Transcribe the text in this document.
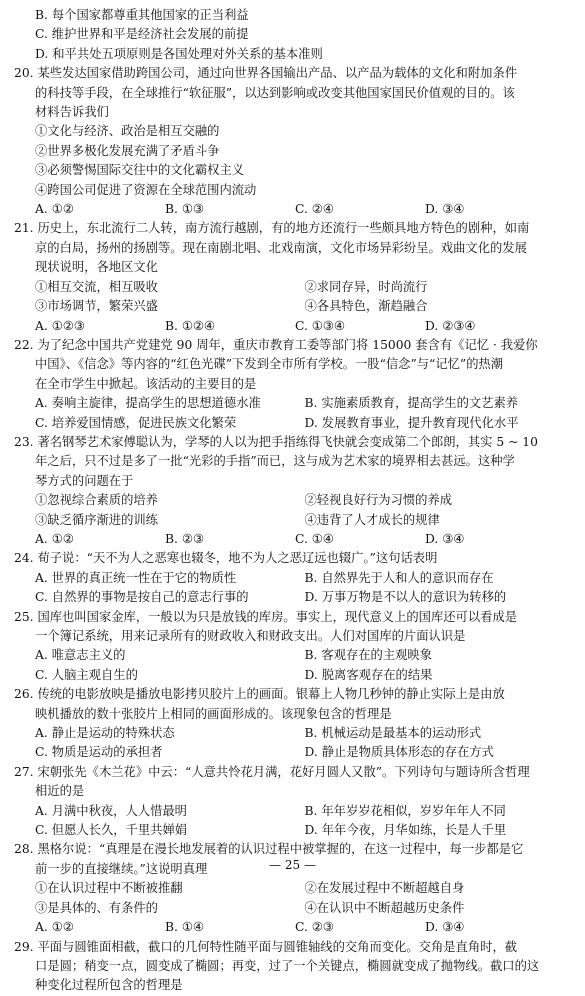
B. 每个国家都尊重其他国家的正当利益
C. 维护世界和平是经济社会发展的前提
D. 和平共处五项原则是各国处理对外关系的基本准则
20. 某些发达国家借助跨国公司，通过向世界各国输出产品、以产品为载体的文化和附加条件
的科技等手段，在全球推行“软征服”，以达到影响或改变其他国家国民价值观的目的。该
材料告诉我们
①文化与经济、政治是相互交融的
②世界多极化发展充满了矛盾斗争
③必须警惕国际交往中的文化霸权主义
④跨国公司促进了资源在全球范围内流动
A. ①②	B. ①③	C. ②④	D. ③④
21. 历史上，东北流行二人转，南方流行越剧，有的地方还流行一些颇具地方特色的剧种，如南
京的白局，扬州的扬剧等。现在南剧北唱、北戏南演，文化市场异彩纷呈。戏曲文化的发展
现状说明，各地区文化
①相互交流，相互吸收	②求同存异，时尚流行
③市场调节，繁荣兴盛	④各具特色，渐趋融合
A. ①②③	B. ①②④	C. ①③④	D. ②③④
22. 为了纪念中国共产党建党 90 周年，重庆市教育工委等部门将 15000 套含有《记忆 · 我爱你
中国》、《信念》等内容的“红色光碟”下发到全市所有学校。一股“信念”与“记忆”的热潮
在全市学生中掀起。该活动的主要目的是
A. 奏响主旋律，提高学生的思想道德水准	B. 实施素质教育，提高学生的文艺素养
C. 培养爱国情感，促进民族文化繁荣	D. 发展教育事业，提升教育现代化水平
23. 著名钢琴艺术家傅聪认为，学琴的人以为把手指练得飞快就会变成第二个郎朗，其实 5 ~ 10
年之后，只不过是多了一批“光彩的手指”而已，这与成为艺术家的境界相去甚远。这种学
琴方式的问题在于
①忽视综合素质的培养	②轻视良好行为习惯的养成
③缺乏循序渐进的训练	④违背了人才成长的规律
A. ①②	B. ②③	C. ①④	D. ③④
24. 荀子说：“天不为人之恶寒也辍冬，地不为人之恶辽远也辍广。”这句话表明
A. 世界的真正统一性在于它的物质性	B. 自然界先于人和人的意识而存在
C. 自然界的事物是按自己的意志行事的	D. 万事万物是不以人的意识为转移的
25. 国库也叫国家金库，一般以为只是放钱的库房。事实上，现代意义上的国库还可以看成是
一个簿记系统，用来记录所有的财政收入和财政支出。人们对国库的片面认识是
A. 唯意志主义的	B. 客观存在的主观映象
C. 人脑主观自生的	D. 脱离客观存在的结果
26. 传统的电影放映是播放电影拷贝胶片上的画面。银幕上人物几秒钟的静止实际上是由放
映机播放的数十张胶片上相同的画面形成的。该现象包含的哲理是
A. 静止是运动的特殊状态	B. 机械运动是最基本的运动形式
C. 物质是运动的承担者	D. 静止是物质具体形态的存在方式
27. 宋朝张先《木兰花》中云：“人意共怜花月满，花好月圆人又散”。下列诗句与题诗所含哲理
相近的是
A. 月满中秋夜，人人惜最明	B. 年年岁岁花相似，岁岁年年人不同
C. 但愿人长久，千里共婵娟	D. 年年今夜，月华如练，长是人千里
28. 黑格尔说：“真理是在漫长地发展着的认识过程中被掌握的，在这一过程中，每一步都是它
前一步的直接继续。”这说明真理
①在认识过程中不断被推翻	②在发展过程中不断超越自身
③是具体的、有条件的	④在认识中不断超越历史条件
A. ①②	B. ①④	C. ②③	D. ③④
29. 平面与圆锥面相截，截口的几何特性随平面与圆锥轴线的交角而变化。交角是直角时，截
口是圆；稍变一点，圆变成了椭圆；再变，过了一个关键点，椭圆就变成了抛物线。截口的这
种变化过程所包含的哲理是
— 25 —
